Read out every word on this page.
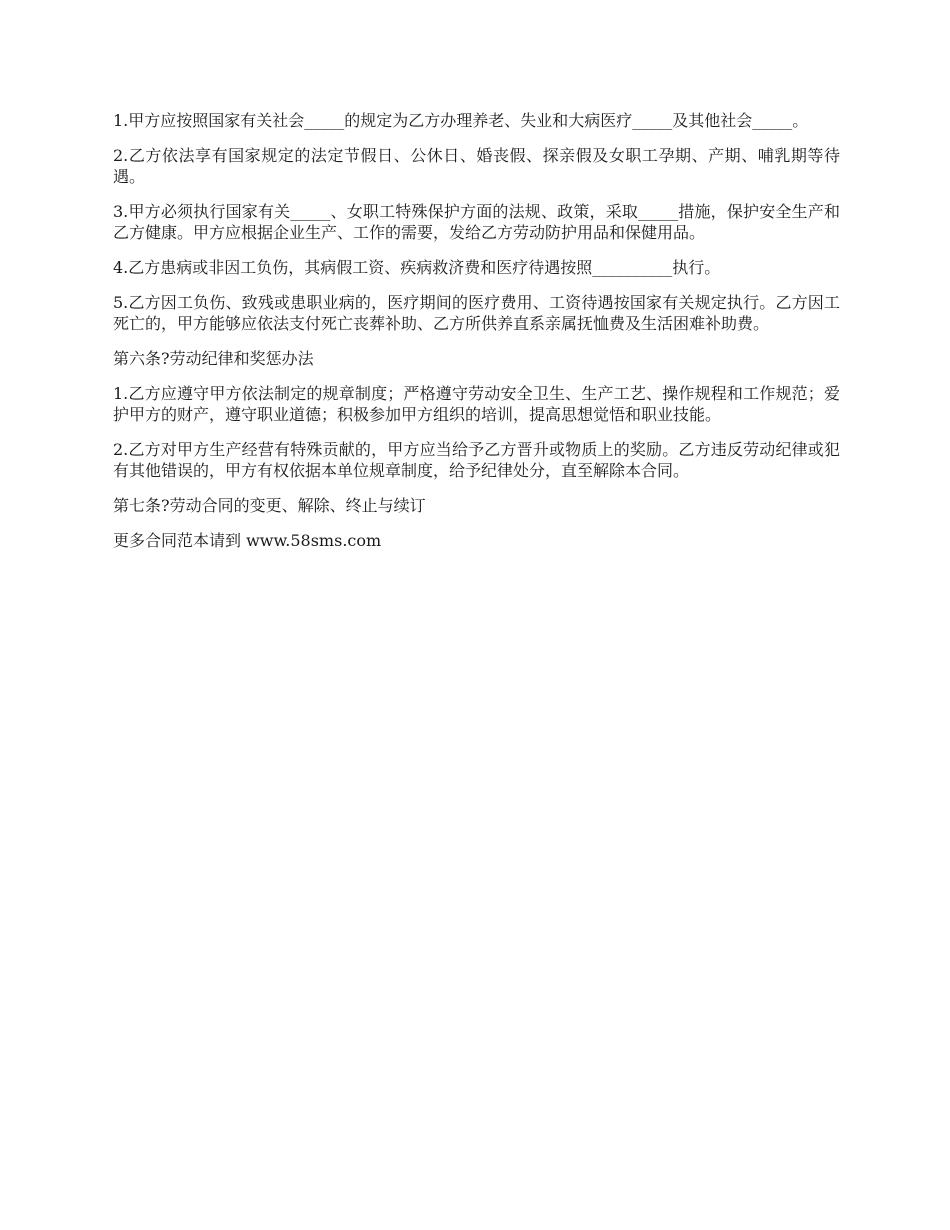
1.甲方应按照国家有关社会_____的规定为乙方办理养老、失业和大病医疗_____及其他社会_____。

2.乙方依法享有国家规定的法定节假日、公休日、婚丧假、探亲假及女职工孕期、产期、哺乳期等待遇。

3.甲方必须执行国家有关_____、女职工特殊保护方面的法规、政策，采取_____措施，保护安全生产和乙方健康。甲方应根据企业生产、工作的需要，发给乙方劳动防护用品和保健用品。

4.乙方患病或非因工负伤，其病假工资、疾病救济费和医疗待遇按照__________执行。

5.乙方因工负伤、致残或患职业病的，医疗期间的医疗费用、工资待遇按国家有关规定执行。乙方因工死亡的，甲方能够应依法支付死亡丧葬补助、乙方所供养直系亲属抚恤费及生活困难补助费。

第六条?劳动纪律和奖惩办法

1.乙方应遵守甲方依法制定的规章制度；严格遵守劳动安全卫生、生产工艺、操作规程和工作规范；爱护甲方的财产，遵守职业道德；积极参加甲方组织的培训，提高思想觉悟和职业技能。

2.乙方对甲方生产经营有特殊贡献的，甲方应当给予乙方晋升或物质上的奖励。乙方违反劳动纪律或犯有其他错误的，甲方有权依据本单位规章制度，给予纪律处分，直至解除本合同。

第七条?劳动合同的变更、解除、终止与续订

更多合同范本请到 www.58sms.com
